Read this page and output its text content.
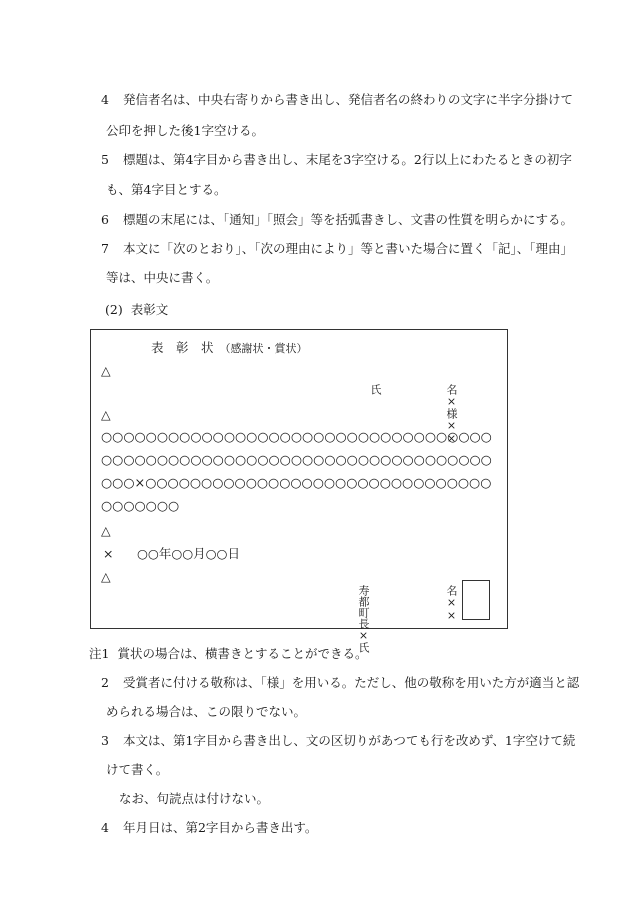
4 発信者名は、中央右寄りから書き出し、発信者名の終わりの文字に半字分掛けて
公印を押した後1字空ける。
5 標題は、第4字目から書き出し、末尾を3字空ける。2行以上にわたるときの初字
も、第4字目とする。
6 標題の末尾には、「通知」「照会」等を括弧書きし、文書の性質を明らかにする。
7 本文に「次のとおり」、「次の理由により」等と書いた場合に置く「記」、「理由」
等は、中央に書く。
(2) 表彰文
表　彰　状 （感謝状・賞状）
△
氏	名×様××
△
○○○○○○○○○○○○○○○○○○○○○○○○○○○○○○○○○○○
○○○○○○○○○○○○○○○○○○○○○○○○○○○○○○○○○○○
○○○×○○○○○○○○○○○○○○○○○○○○○○○○○○○○○○○
○○○○○○○
△
× ○○年○○月○○日
△
寿都町長×氏	名××
注1 賞状の場合は、横書きとすることができる。
2 受賞者に付ける敬称は、「様」を用いる。ただし、他の敬称を用いた方が適当と認
められる場合は、この限りでない。
3 本文は、第1字目から書き出し、文の区切りがあつても行を改めず、1字空けて続
けて書く。
なお、句読点は付けない。
4 年月日は、第2字目から書き出す。
